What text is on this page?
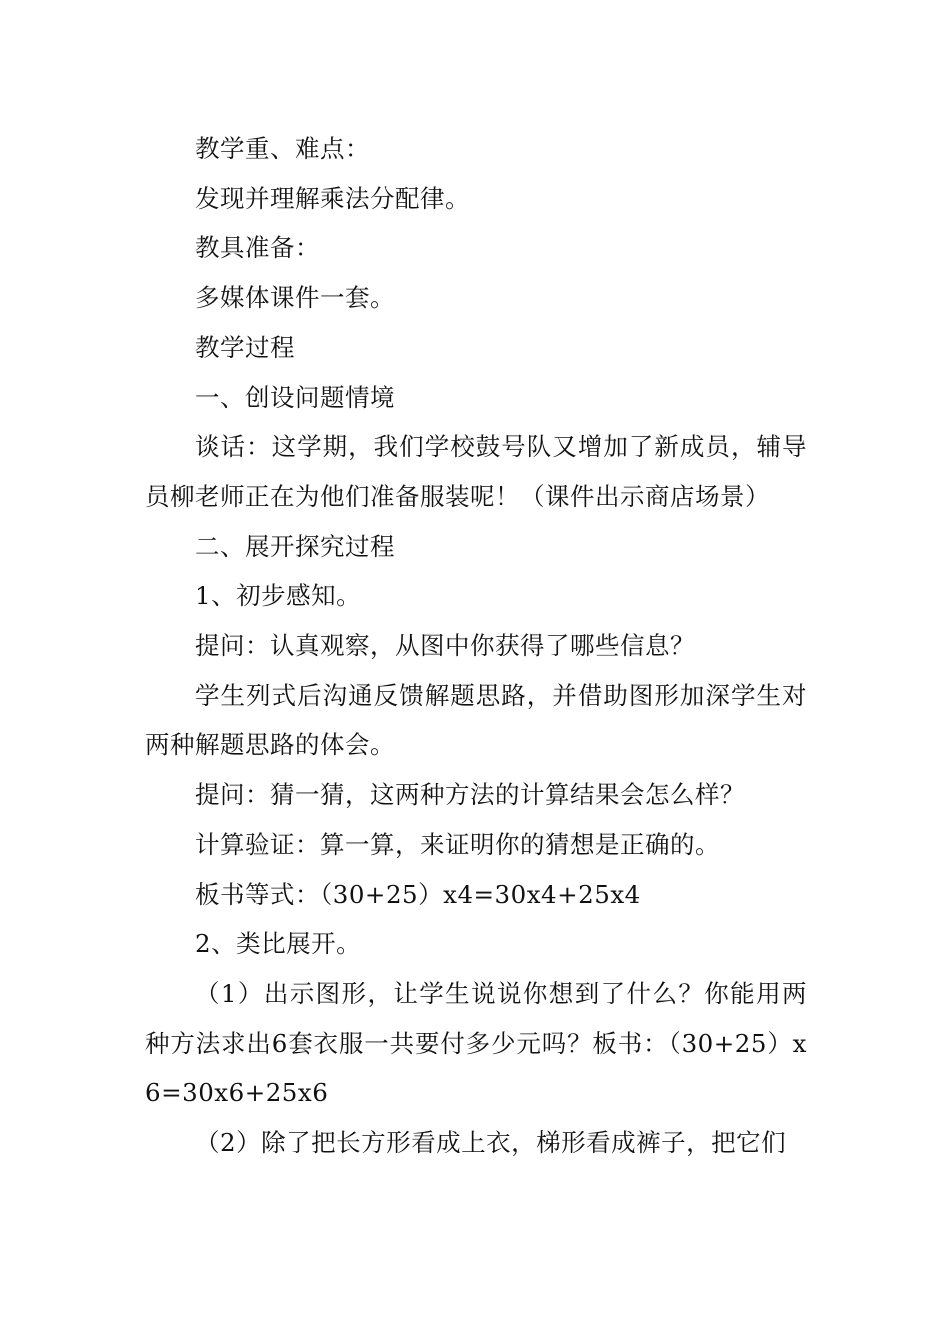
教学重、难点：

发现并理解乘法分配律。

教具准备：

多媒体课件一套。

教学过程

一、创设问题情境

谈话：这学期，我们学校鼓号队又增加了新成员，辅导员柳老师正在为他们准备服装呢！（课件出示商店场景）

二、展开探究过程

1、初步感知。

提问：认真观察，从图中你获得了哪些信息？

学生列式后沟通反馈解题思路，并借助图形加深学生对两种解题思路的体会。

提问：猜一猜，这两种方法的计算结果会怎么样？

计算验证：算一算，来证明你的猜想是正确的。

板书等式：（30+25）x4=30x4+25x4

2、类比展开。

（1）出示图形，让学生说说你想到了什么？你能用两种方法求出6套衣服一共要付多少元吗？板书：（30+25）x6=30x6+25x6

（2）除了把长方形看成上衣，梯形看成裤子，把它们
